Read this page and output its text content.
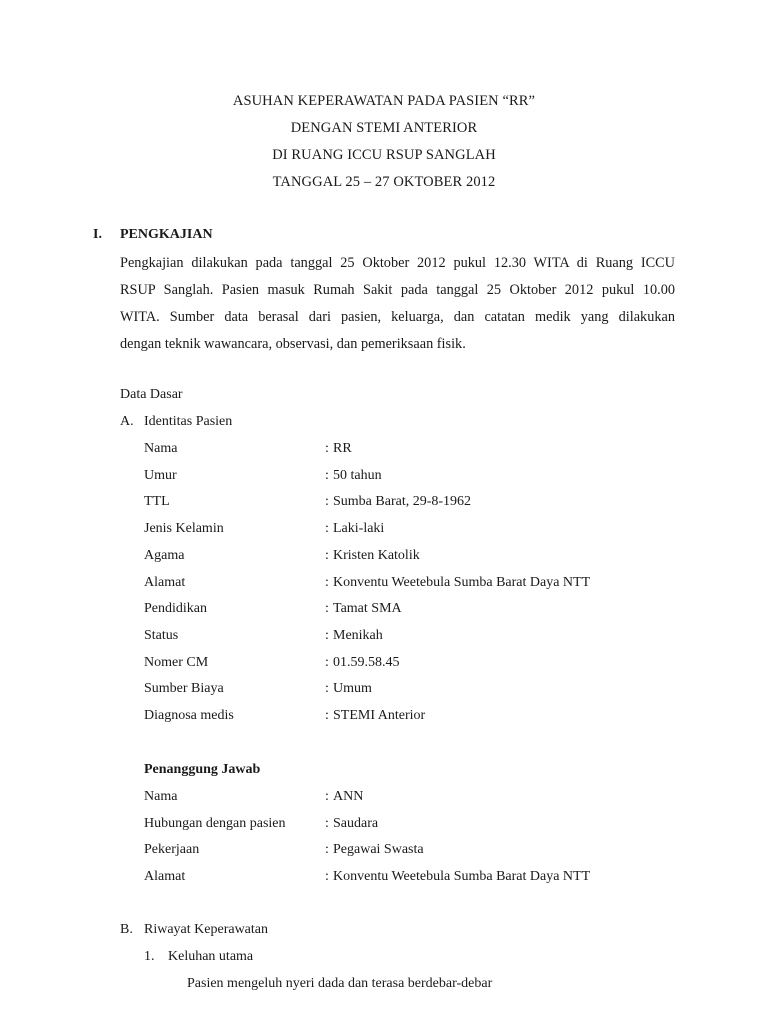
ASUHAN KEPERAWATAN PADA PASIEN “RR”
DENGAN STEMI ANTERIOR
DI RUANG ICCU RSUP SANGLAH
TANGGAL 25 – 27 OKTOBER 2012
I. PENGKAJIAN
Pengkajian dilakukan pada tanggal 25 Oktober 2012 pukul 12.30 WITA di Ruang ICCU
RSUP Sanglah. Pasien masuk Rumah Sakit pada tanggal 25 Oktober 2012 pukul 10.00
WITA. Sumber data berasal dari pasien, keluarga, dan catatan medik yang dilakukan
dengan teknik wawancara, observasi, dan pemeriksaan fisik.
Data Dasar
A. Identitas Pasien
Nama	: RR
Umur	: 50 tahun
TTL	: Sumba Barat, 29-8-1962
Jenis Kelamin	: Laki-laki
Agama	: Kristen Katolik
Alamat	: Konventu Weetebula Sumba Barat Daya NTT
Pendidikan	: Tamat SMA
Status	: Menikah
Nomer CM	: 01.59.58.45
Sumber Biaya	: Umum
Diagnosa medis	: STEMI Anterior
Penanggung Jawab
Nama	: ANN
Hubungan dengan pasien	: Saudara
Pekerjaan	: Pegawai Swasta
Alamat	: Konventu Weetebula Sumba Barat Daya NTT
B. Riwayat Keperawatan
1. Keluhan utama
Pasien mengeluh nyeri dada dan terasa berdebar-debar
